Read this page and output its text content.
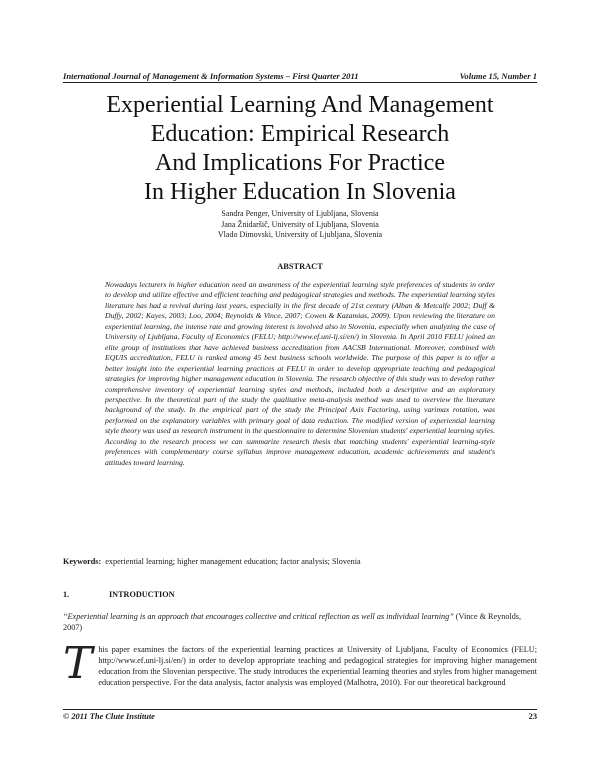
International Journal of Management & Information Systems – First Quarter 2011	Volume 15, Number 1
Experiential Learning And Management
Education: Empirical Research
And Implications For Practice
In Higher Education In Slovenia
Sandra Penger, University of Ljubljana, Slovenia
Jana Žnidaršič, University of Ljubljana, Slovenia
Vlado Dimovski, University of Ljubljana, Slovenia
ABSTRACT
Nowadays lecturers in higher education need an awareness of the experiential learning style preferences of students in order to develop and utilize effective and efficient teaching and pedagogical strategies and methods. The experiential learning styles literature has had a revival during last years, especially in the first decade of 21st century (Alban & Metcalfe 2002; Duff & Duffy, 2002; Kayes, 2003; Loo, 2004; Reynolds & Vince, 2007; Cowen & Kazamias, 2009). Upon reviewing the literature on experiential learning, the intense rate and growing interest is involved also in Slovenia, especially when analyzing the case of University of Ljubljana, Faculty of Economics (FELU; http://www.ef.uni-lj.si/en/) in Slovenia. In April 2010 FELU joined an elite group of institutions that have achieved business accreditation from AACSB International. Moreover, combined with EQUIS accreditation, FELU is ranked among 45 best business schools worldwide. The purpose of this paper is to offer a better insight into the experiential learning practices at FELU in order to develop appropriate teaching and pedagogical strategies for improving higher management education in Slovenia. The research objective of this study was to develop rather comprehensive inventory of experiential learning styles and methods, included both a descriptive and an exploratory perspective. In the theoretical part of the study the qualitative meta-analysis method was used to overview the literature background of the study. In the empirical part of the study the Principal Axis Factoring, using varimax rotation, was performed on the explanatory variables with primary goal of data reduction. The modified version of experiential learning style theory was used as research instrument in the questionnaire to determine Slovenian students' experiential learning styles. According to the research process we can summarize research thesis that matching students' experiential learning-style preferences with complementary course syllabus improve management education, academic achievements and student's attitudes toward learning.
Keywords: experiential learning; higher management education; factor analysis; Slovenia
1.	INTRODUCTION
“Experiential learning is an approach that encourages collective and critical reflection as well as individual learning” (Vince & Reynolds, 2007)
This paper examines the factors of the experiential learning practices at University of Ljubljana, Faculty of Economics (FELU; http://www.ef.uni-lj.si/en/) in order to develop appropriate teaching and pedagogical strategies for improving higher management education from the Slovenian perspective. The study introduces the experiential learning theories and styles from higher management education perspective. For the data analysis, factor analysis was employed (Malhotra, 2010). For our theoretical background
© 2011 The Clute Institute	23
